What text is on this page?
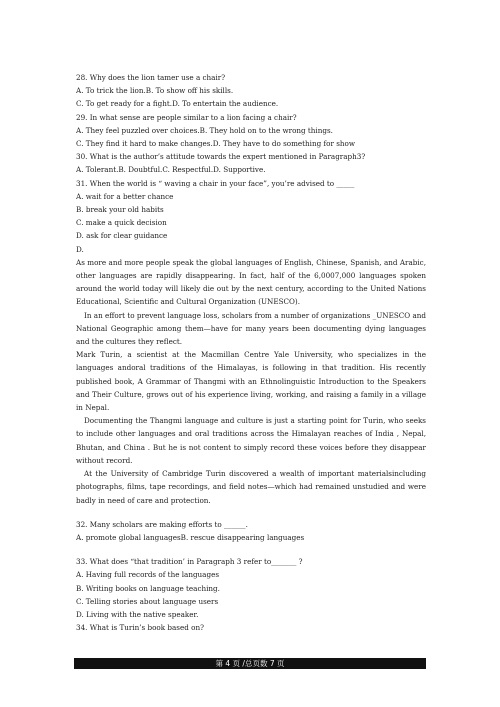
28. Why does the lion tamer use a chair?
A. To trick the lion.B. To show off his skills.
C. To get ready for a fight.D. To entertain the audience.
29. In what sense are people similar to a lion facing a chair?
A. They feel puzzled over choices.B. They hold on to the wrong things.
C. They find it hard to make changes.D. They have to do something for show
30. What is the author’s attitude towards the expert mentioned in Paragraph3?
A. Tolerant.B. Doubtful.C. Respectful.D. Supportive.
31. When the world is “ waving a chair in your face”, you’re advised to _____
A. wait for a better chance
B. break your old habits
C. make a quick decision
D. ask for clear guidance
D.
As more and more people speak the global languages of English, Chinese, Spanish, and Arabic, other languages are rapidly disappearing. In fact, half of the 6,0007,000 languages spoken around the world today will likely die out by the next century, according to the United Nations Educational, Scientific and Cultural Organization (UNESCO).
In an effort to prevent language loss, scholars from a number of organizations _UNESCO and National Geographic among them—have for many years been documenting dying languages and the cultures they reflect.
Mark Turin, a scientist at the Macmillan Centre Yale University, who specializes in the languages andoral traditions of the Himalayas, is following in that tradition. His recently published book, A Grammar of Thangmi with an Ethnolinguistic Introduction to the Speakers and Their Culture, grows out of his experience living, working, and raising a family in a village in Nepal.
Documenting the Thangmi language and culture is just a starting point for Turin, who seeks to include other languages and oral traditions across the Himalayan reaches of India , Nepal, Bhutan, and China . But he is not content to simply record these voices before they disappear without record.
At the University of Cambridge Turin discovered a wealth of important materialsincluding photographs, films, tape recordings, and field notes—which had remained unstudied and were badly in need of care and protection.
32. Many scholars are making efforts to ______.
A. promote global languagesB. rescue disappearing languages
33. What does “that tradition’ in Paragraph 3 refer to_______ ?
A. Having full records of the languages
B. Writing books on language teaching.
C. Telling stories about language users
D. Living with the native speaker.
34. What is Turin’s book based on?
第 4 页 /总页数 7 页
